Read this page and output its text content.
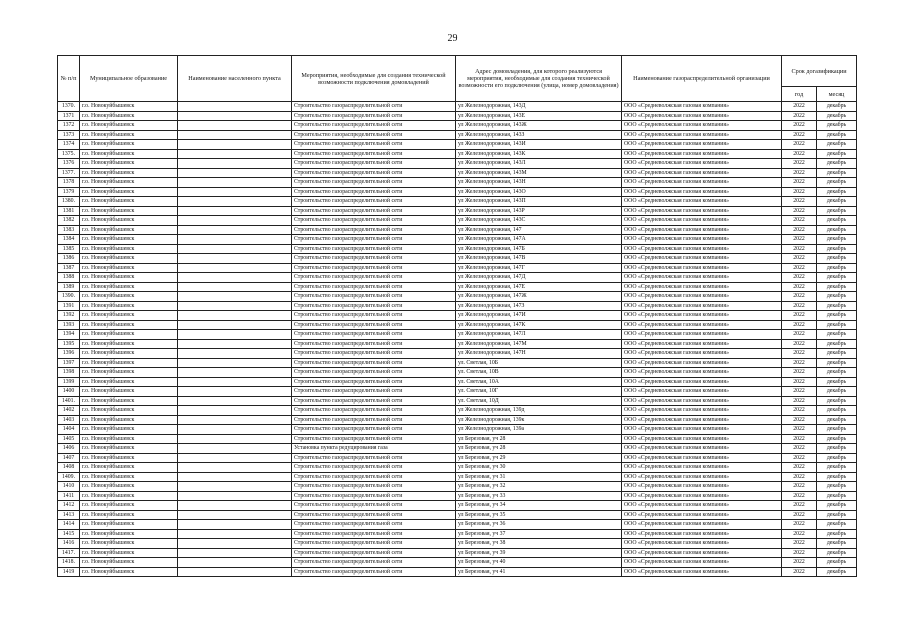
29
№ п/п	Муниципальное образование	Наименование населенного пункта	Мероприятия, необходимые для создания технической возможности подключения домовладений	Адрес домовладения, для которого реализуются мероприятия, необходимые для создания технической возможности его подключения (улица, номер домовладения)	Наименование газораспределительной организации	Срок догазификации	
						год	месяц
1370.	г.о. Новокуйбышевск		Строительство газораспределительной сети	ул Железнодорожная, 143Д	ООО «Средневолжская газовая компания»	2022	декабрь
1371	г.о. Новокуйбышевск		Строительство газораспределительной сети	ул Железнодорожная, 143Е	ООО «Средневолжская газовая компания»	2022	декабрь
1372	г.о. Новокуйбышевск		Строительство газораспределительной сети	ул Железнодорожная, 143Ж	ООО «Средневолжская газовая компания»	2022	декабрь
1373	г.о. Новокуйбышевск		Строительство газораспределительной сети	ул Железнодорожная, 143З	ООО «Средневолжская газовая компания»	2022	декабрь
1374	г.о. Новокуйбышевск		Строительство газораспределительной сети	ул Железнодорожная, 143И	ООО «Средневолжская газовая компания»	2022	декабрь
1375.	г.о. Новокуйбышевск		Строительство газораспределительной сети	ул Железнодорожная, 143К	ООО «Средневолжская газовая компания»	2022	декабрь
1376	г.о. Новокуйбышевск		Строительство газораспределительной сети	ул Железнодорожная, 143Л	ООО «Средневолжская газовая компания»	2022	декабрь
1377.	г.о. Новокуйбышевск		Строительство газораспределительной сети	ул Железнодорожная, 143М	ООО «Средневолжская газовая компания»	2022	декабрь
1378	г.о. Новокуйбышевск		Строительство газораспределительной сети	ул Железнодорожная, 143Н	ООО «Средневолжская газовая компания»	2022	декабрь
1379	г.о. Новокуйбышевск		Строительство газораспределительной сети	ул Железнодорожная, 143О	ООО «Средневолжская газовая компания»	2022	декабрь
1380.	г.о. Новокуйбышевск		Строительство газораспределительной сети	ул Железнодорожная, 143П	ООО «Средневолжская газовая компания»	2022	декабрь
1381	г.о. Новокуйбышевск		Строительство газораспределительной сети	ул Железнодорожная, 143Р	ООО «Средневолжская газовая компания»	2022	декабрь
1382	г.о. Новокуйбышевск		Строительство газораспределительной сети	ул Железнодорожная, 143С	ООО «Средневолжская газовая компания»	2022	декабрь
1383	г.о. Новокуйбышевск		Строительство газораспределительной сети	ул Железнодорожная, 147	ООО «Средневолжская газовая компания»	2022	декабрь
1384	г.о. Новокуйбышевск		Строительство газораспределительной сети	ул Железнодорожная, 147А	ООО «Средневолжская газовая компания»	2022	декабрь
1385	г.о. Новокуйбышевск		Строительство газораспределительной сети	ул Железнодорожная, 147Б	ООО «Средневолжская газовая компания»	2022	декабрь
1386	г.о. Новокуйбышевск		Строительство газораспределительной сети	ул Железнодорожная, 147В	ООО «Средневолжская газовая компания»	2022	декабрь
1387	г.о. Новокуйбышевск		Строительство газораспределительной сети	ул Железнодорожная, 147Г	ООО «Средневолжская газовая компания»	2022	декабрь
1388	г.о. Новокуйбышевск		Строительство газораспределительной сети	ул Железнодорожная, 147Д	ООО «Средневолжская газовая компания»	2022	декабрь
1389	г.о. Новокуйбышевск		Строительство газораспределительной сети	ул Железнодорожная, 147Е	ООО «Средневолжская газовая компания»	2022	декабрь
1390.	г.о. Новокуйбышевск		Строительство газораспределительной сети	ул Железнодорожная, 147Ж	ООО «Средневолжская газовая компания»	2022	декабрь
1391	г.о. Новокуйбышевск		Строительство газораспределительной сети	ул Железнодорожная, 147З	ООО «Средневолжская газовая компания»	2022	декабрь
1392	г.о. Новокуйбышевск		Строительство газораспределительной сети	ул Железнодорожная, 147И	ООО «Средневолжская газовая компания»	2022	декабрь
1393	г.о. Новокуйбышевск		Строительство газораспределительной сети	ул Железнодорожная, 147К	ООО «Средневолжская газовая компания»	2022	декабрь
1394	г.о. Новокуйбышевск		Строительство газораспределительной сети	ул Железнодорожная, 147Л	ООО «Средневолжская газовая компания»	2022	декабрь
1395	г.о. Новокуйбышевск		Строительство газораспределительной сети	ул Железнодорожная, 147М	ООО «Средневолжская газовая компания»	2022	декабрь
1396	г.о. Новокуйбышевск		Строительство газораспределительной сети	ул Железнодорожная, 147Н	ООО «Средневолжская газовая компания»	2022	декабрь
1397	г.о. Новокуйбышевск		Строительство газораспределительной сети	ул. Светлая, 10Б	ООО «Средневолжская газовая компания»	2022	декабрь
1398	г.о. Новокуйбышевск		Строительство газораспределительной сети	ул. Светлая, 10В	ООО «Средневолжская газовая компания»	2022	декабрь
1399	г.о. Новокуйбышевск		Строительство газораспределительной сети	ул. Светлая, 10А	ООО «Средневолжская газовая компания»	2022	декабрь
1400	г.о. Новокуйбышевск		Строительство газораспределительной сети	ул. Светлая, 10Г	ООО «Средневолжская газовая компания»	2022	декабрь
1401.	г.о. Новокуйбышевск		Строительство газораспределительной сети	ул. Светлая, 10Д	ООО «Средневолжская газовая компания»	2022	декабрь
1402	г.о. Новокуйбышевск		Строительство газораспределительной сети	ул Железнодорожная, 139д	ООО «Средневолжская газовая компания»	2022	декабрь
1403	г.о. Новокуйбышевск		Строительство газораспределительной сети	ул Железнодорожная, 139к	ООО «Средневолжская газовая компания»	2022	декабрь
1404	г.о. Новокуйбышевск		Строительство газораспределительной сети	ул Железнодорожная, 139а	ООО «Средневолжская газовая компания»	2022	декабрь
1405	г.о. Новокуйбышевск		Строительство газораспределительной сети	ул Березовая, уч 28	ООО «Средневолжская газовая компания»	2022	декабрь
1406	г.о. Новокуйбышевск		Установка пункта редуцирования газа	ул Березовая, уч 28	ООО «Средневолжская газовая компания»	2022	декабрь
1407	г.о. Новокуйбышевск		Строительство газораспределительной сети	ул Березовая, уч 29	ООО «Средневолжская газовая компания»	2022	декабрь
1408	г.о. Новокуйбышевск		Строительство газораспределительной сети	ул Березовая, уч 30	ООО «Средневолжская газовая компания»	2022	декабрь
1409.	г.о. Новокуйбышевск		Строительство газораспределительной сети	ул Березовая, уч 31	ООО «Средневолжская газовая компания»	2022	декабрь
1410	г.о. Новокуйбышевск		Строительство газораспределительной сети	ул Березовая, уч 32	ООО «Средневолжская газовая компания»	2022	декабрь
1411	г.о. Новокуйбышевск		Строительство газораспределительной сети	ул Березовая, уч 33	ООО «Средневолжская газовая компания»	2022	декабрь
1412	г.о. Новокуйбышевск		Строительство газораспределительной сети	ул Березовая, уч 34	ООО «Средневолжская газовая компания»	2022	декабрь
1413	г.о. Новокуйбышевск		Строительство газораспределительной сети	ул Березовая, уч 35	ООО «Средневолжская газовая компания»	2022	декабрь
1414	г.о. Новокуйбышевск		Строительство газораспределительной сети	ул Березовая, уч 36	ООО «Средневолжская газовая компания»	2022	декабрь
1415	г.о. Новокуйбышевск		Строительство газораспределительной сети	ул Березовая, уч 37	ООО «Средневолжская газовая компания»	2022	декабрь
1416	г.о. Новокуйбышевск		Строительство газораспределительной сети	ул Березовая, уч 38	ООО «Средневолжская газовая компания»	2022	декабрь
1417.	г.о. Новокуйбышевск		Строительство газораспределительной сети	ул Березовая, уч 39	ООО «Средневолжская газовая компания»	2022	декабрь
1418.	г.о. Новокуйбышевск		Строительство газораспределительной сети	ул Березовая, уч 40	ООО «Средневолжская газовая компания»	2022	декабрь
1419	г.о. Новокуйбышевск		Строительство газораспределительной сети	ул Березовая, уч 41	ООО «Средневолжская газовая компания»	2022	декабрь
